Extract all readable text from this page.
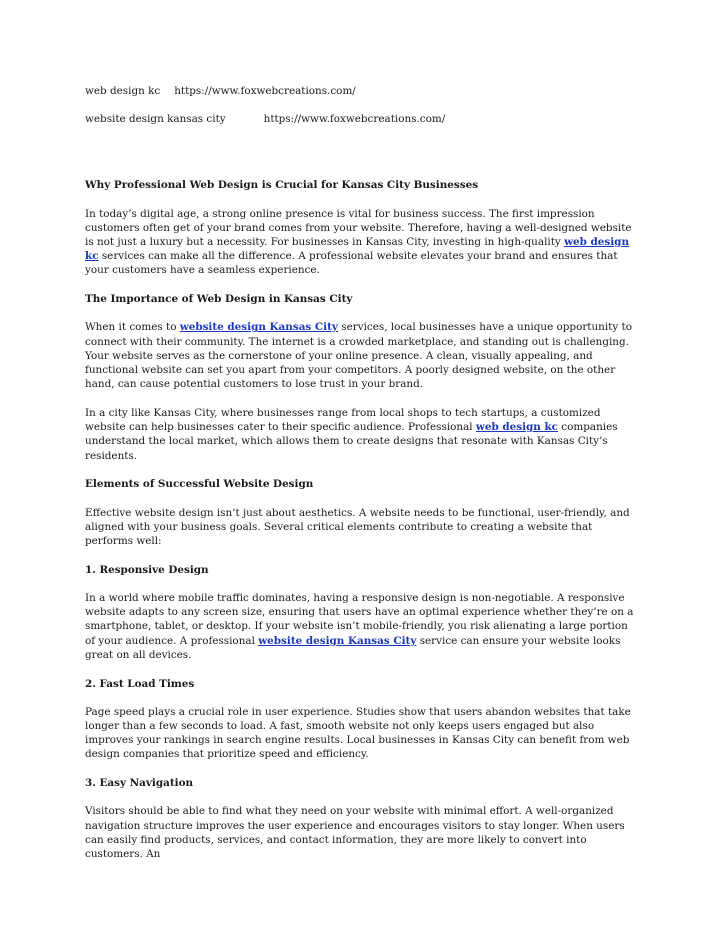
web design kc https://www.foxwebcreations.com/
website design kansas city	https://www.foxwebcreations.com/
Why Professional Web Design is Crucial for Kansas City Businesses

In today’s digital age, a strong online presence is vital for business success. The first impression customers often get of your brand comes from your website. Therefore, having a well-designed website is not just a luxury but a necessity. For businesses in Kansas City, investing in high-quality web design kc services can make all the difference. A professional website elevates your brand and ensures that your customers have a seamless experience.

The Importance of Web Design in Kansas City

When it comes to website design Kansas City services, local businesses have a unique opportunity to connect with their community. The internet is a crowded marketplace, and standing out is challenging. Your website serves as the cornerstone of your online presence. A clean, visually appealing, and functional website can set you apart from your competitors. A poorly designed website, on the other hand, can cause potential customers to lose trust in your brand.

In a city like Kansas City, where businesses range from local shops to tech startups, a customized website can help businesses cater to their specific audience. Professional web design kc companies understand the local market, which allows them to create designs that resonate with Kansas City’s residents.

Elements of Successful Website Design

Effective website design isn’t just about aesthetics. A website needs to be functional, user-friendly, and aligned with your business goals. Several critical elements contribute to creating a website that performs well:

1. Responsive Design

In a world where mobile traffic dominates, having a responsive design is non-negotiable. A responsive website adapts to any screen size, ensuring that users have an optimal experience whether they’re on a smartphone, tablet, or desktop. If your website isn’t mobile-friendly, you risk alienating a large portion of your audience. A professional website design Kansas City service can ensure your website looks great on all devices.

2. Fast Load Times

Page speed plays a crucial role in user experience. Studies show that users abandon websites that take longer than a few seconds to load. A fast, smooth website not only keeps users engaged but also improves your rankings in search engine results. Local businesses in Kansas City can benefit from web design companies that prioritize speed and efficiency.

3. Easy Navigation

Visitors should be able to find what they need on your website with minimal effort. A well-organized navigation structure improves the user experience and encourages visitors to stay longer. When users can easily find products, services, and contact information, they are more likely to convert into customers. An
